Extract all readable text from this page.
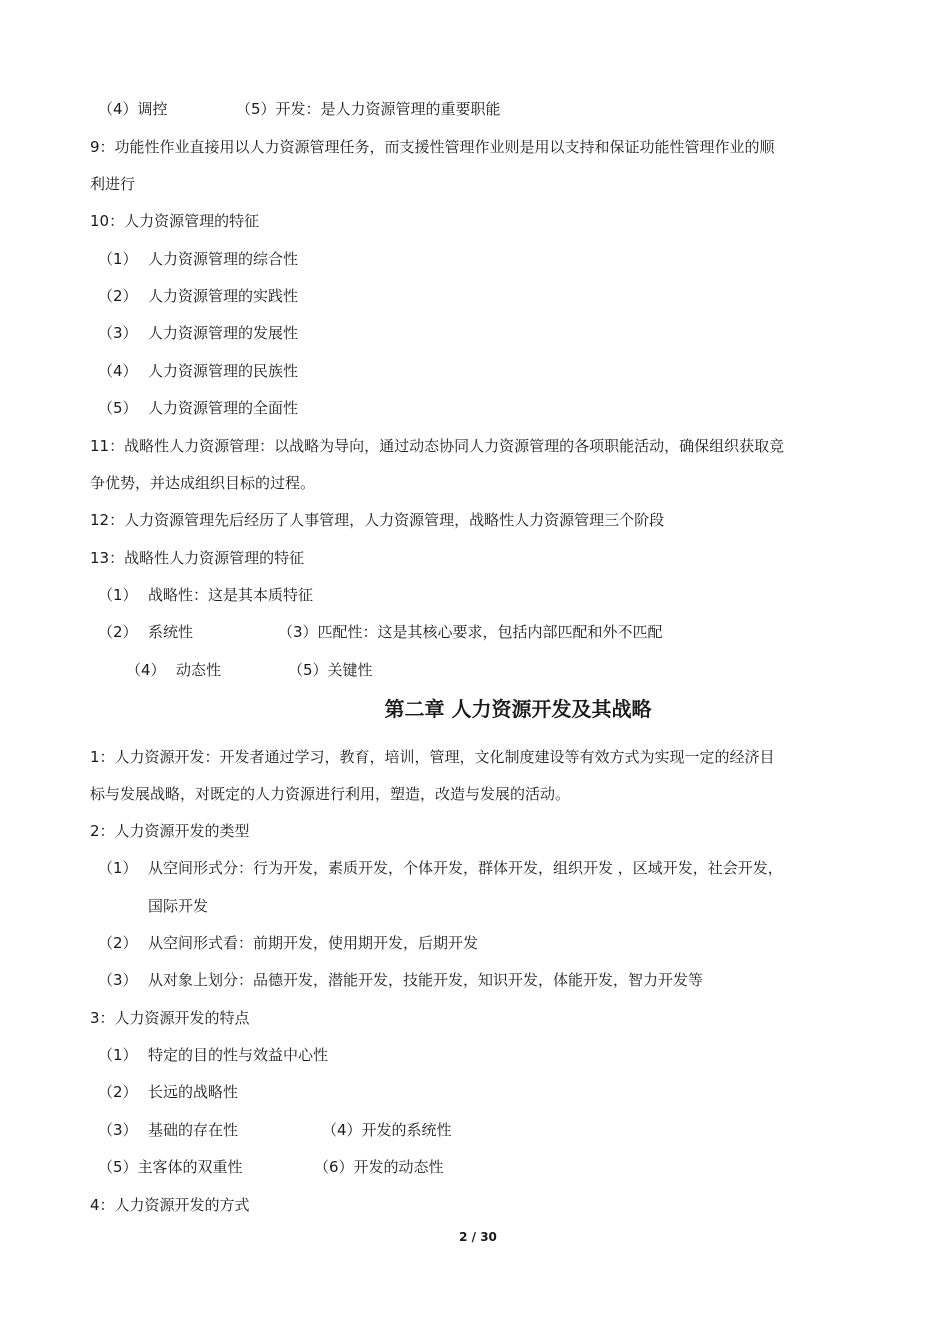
（4）调控	（5）开发：是人力资源管理的重要职能
9：功能性作业直接用以人力资源管理任务，而支援性管理作业则是用以支持和保证功能性管理作业的顺
利进行
10：人力资源管理的特征
（1） 人力资源管理的综合性
（2） 人力资源管理的实践性
（3） 人力资源管理的发展性
（4） 人力资源管理的民族性
（5） 人力资源管理的全面性
11：战略性人力资源管理：以战略为导向，通过动态协同人力资源管理的各项职能活动，确保组织获取竞
争优势，并达成组织目标的过程。
12：人力资源管理先后经历了人事管理，人力资源管理，战略性人力资源管理三个阶段
13：战略性人力资源管理的特征
（1） 战略性：这是其本质特征
（2） 系统性	（3）匹配性：这是其核心要求，包括内部匹配和外不匹配
（4） 动态性	（5）关键性
第二章 人力资源开发及其战略
1：人力资源开发：开发者通过学习，教育，培训，管理，文化制度建设等有效方式为实现一定的经济目
标与发展战略，对既定的人力资源进行利用，塑造，改造与发展的活动。
2：人力资源开发的类型
（1） 从空间形式分：行为开发，素质开发，个体开发，群体开发，组织开发 ，区域开发，社会开发，
国际开发
（2） 从空间形式看：前期开发，使用期开发，后期开发
（3） 从对象上划分：品德开发，潜能开发，技能开发，知识开发，体能开发，智力开发等
3：人力资源开发的特点
（1） 特定的目的性与效益中心性
（2） 长远的战略性
（3） 基础的存在性	（4）开发的系统性
（5）主客体的双重性	（6）开发的动态性
4：人力资源开发的方式
2 / 30
